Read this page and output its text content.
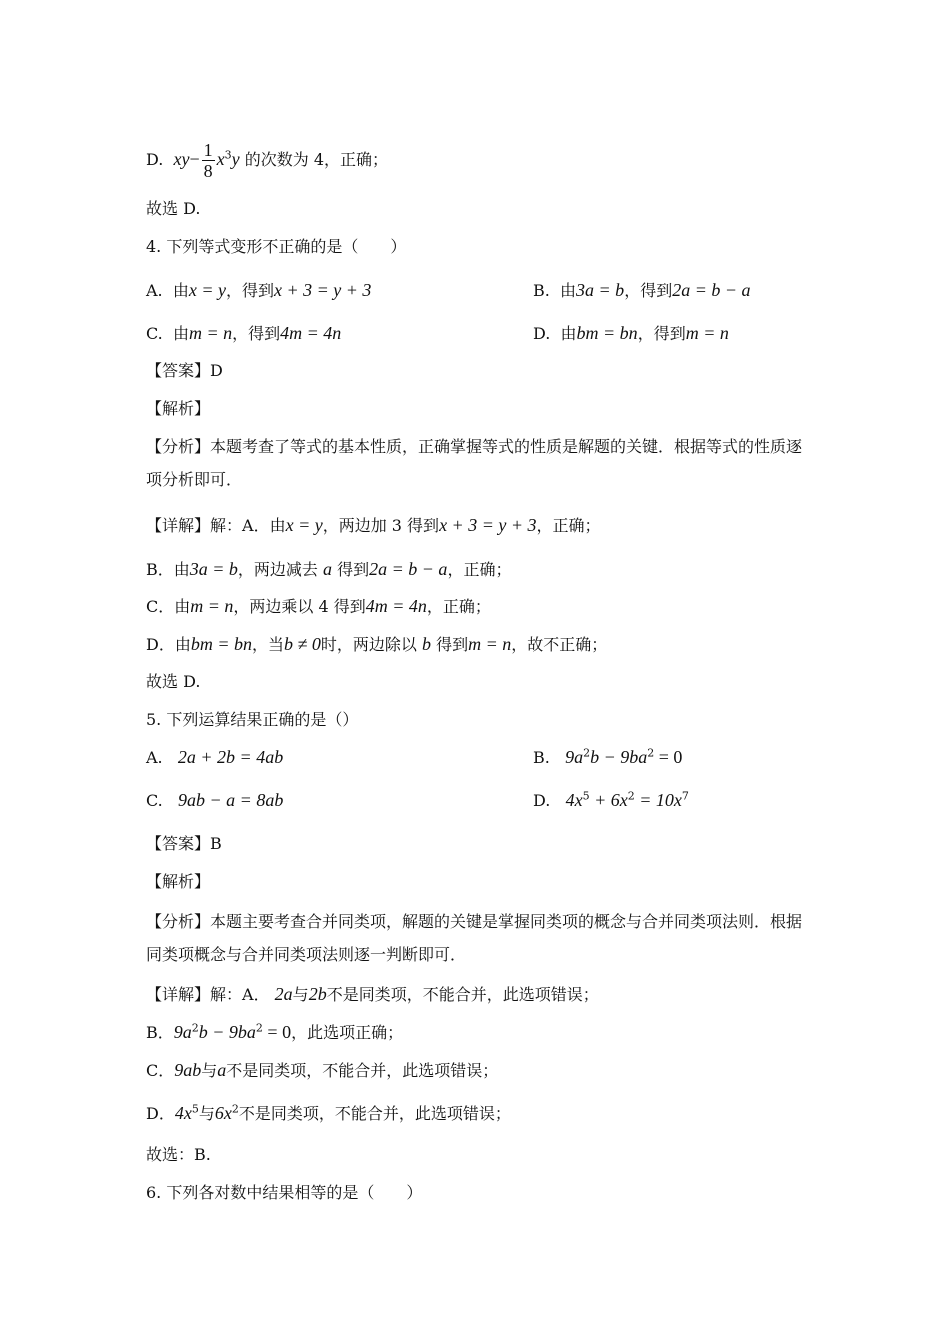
D. $xy- \frac{1}{8} x^3y$ 的次数为 4，正确；
故选 D.
4. 下列等式变形不正确的是（　　）
A. 由x = y，得到x + 3 = y + 3	B. 由3a = b，得到2a = b − a
C. 由m = n，得到4m = 4n	D. 由bm = bn，得到m = n
【答案】D
【解析】
【分析】本题考查了等式的基本性质，正确掌握等式的性质是解题的关键．根据等式的性质逐项分析即可．
【详解】解：A．由x = y，两边加 3 得到x + 3 = y + 3，正确；
B．由3a = b，两边减去 a 得到2a = b − a，正确；
C．由m = n，两边乘以 4 得到4m = 4n，正确；
D．由bm = bn，当b ≠ 0时，两边除以 b 得到m = n，故不正确；
故选 D.
5. 下列运算结果正确的是（）
A. 2a + 2b = 4ab	B. $9a^2b - 9ba^2 = 0$
C. 9ab − a = 8ab	D. $4x^5 + 6x^2 = 10x^7$
【答案】B
【解析】
【分析】本题主要考查合并同类项，解题的关键是掌握同类项的概念与合并同类项法则．根据同类项概念与合并同类项法则逐一判断即可．
【详解】解：A． 2a与2b不是同类项，不能合并，此选项错误；
B．$9a^2b - 9ba^2 = 0$，此选项正确；
C．9ab与a不是同类项，不能合并，此选项错误；
D．$4x^5$与$6x^2$不是同类项，不能合并，此选项错误；
故选：B.
6. 下列各对数中结果相等的是（　　）
